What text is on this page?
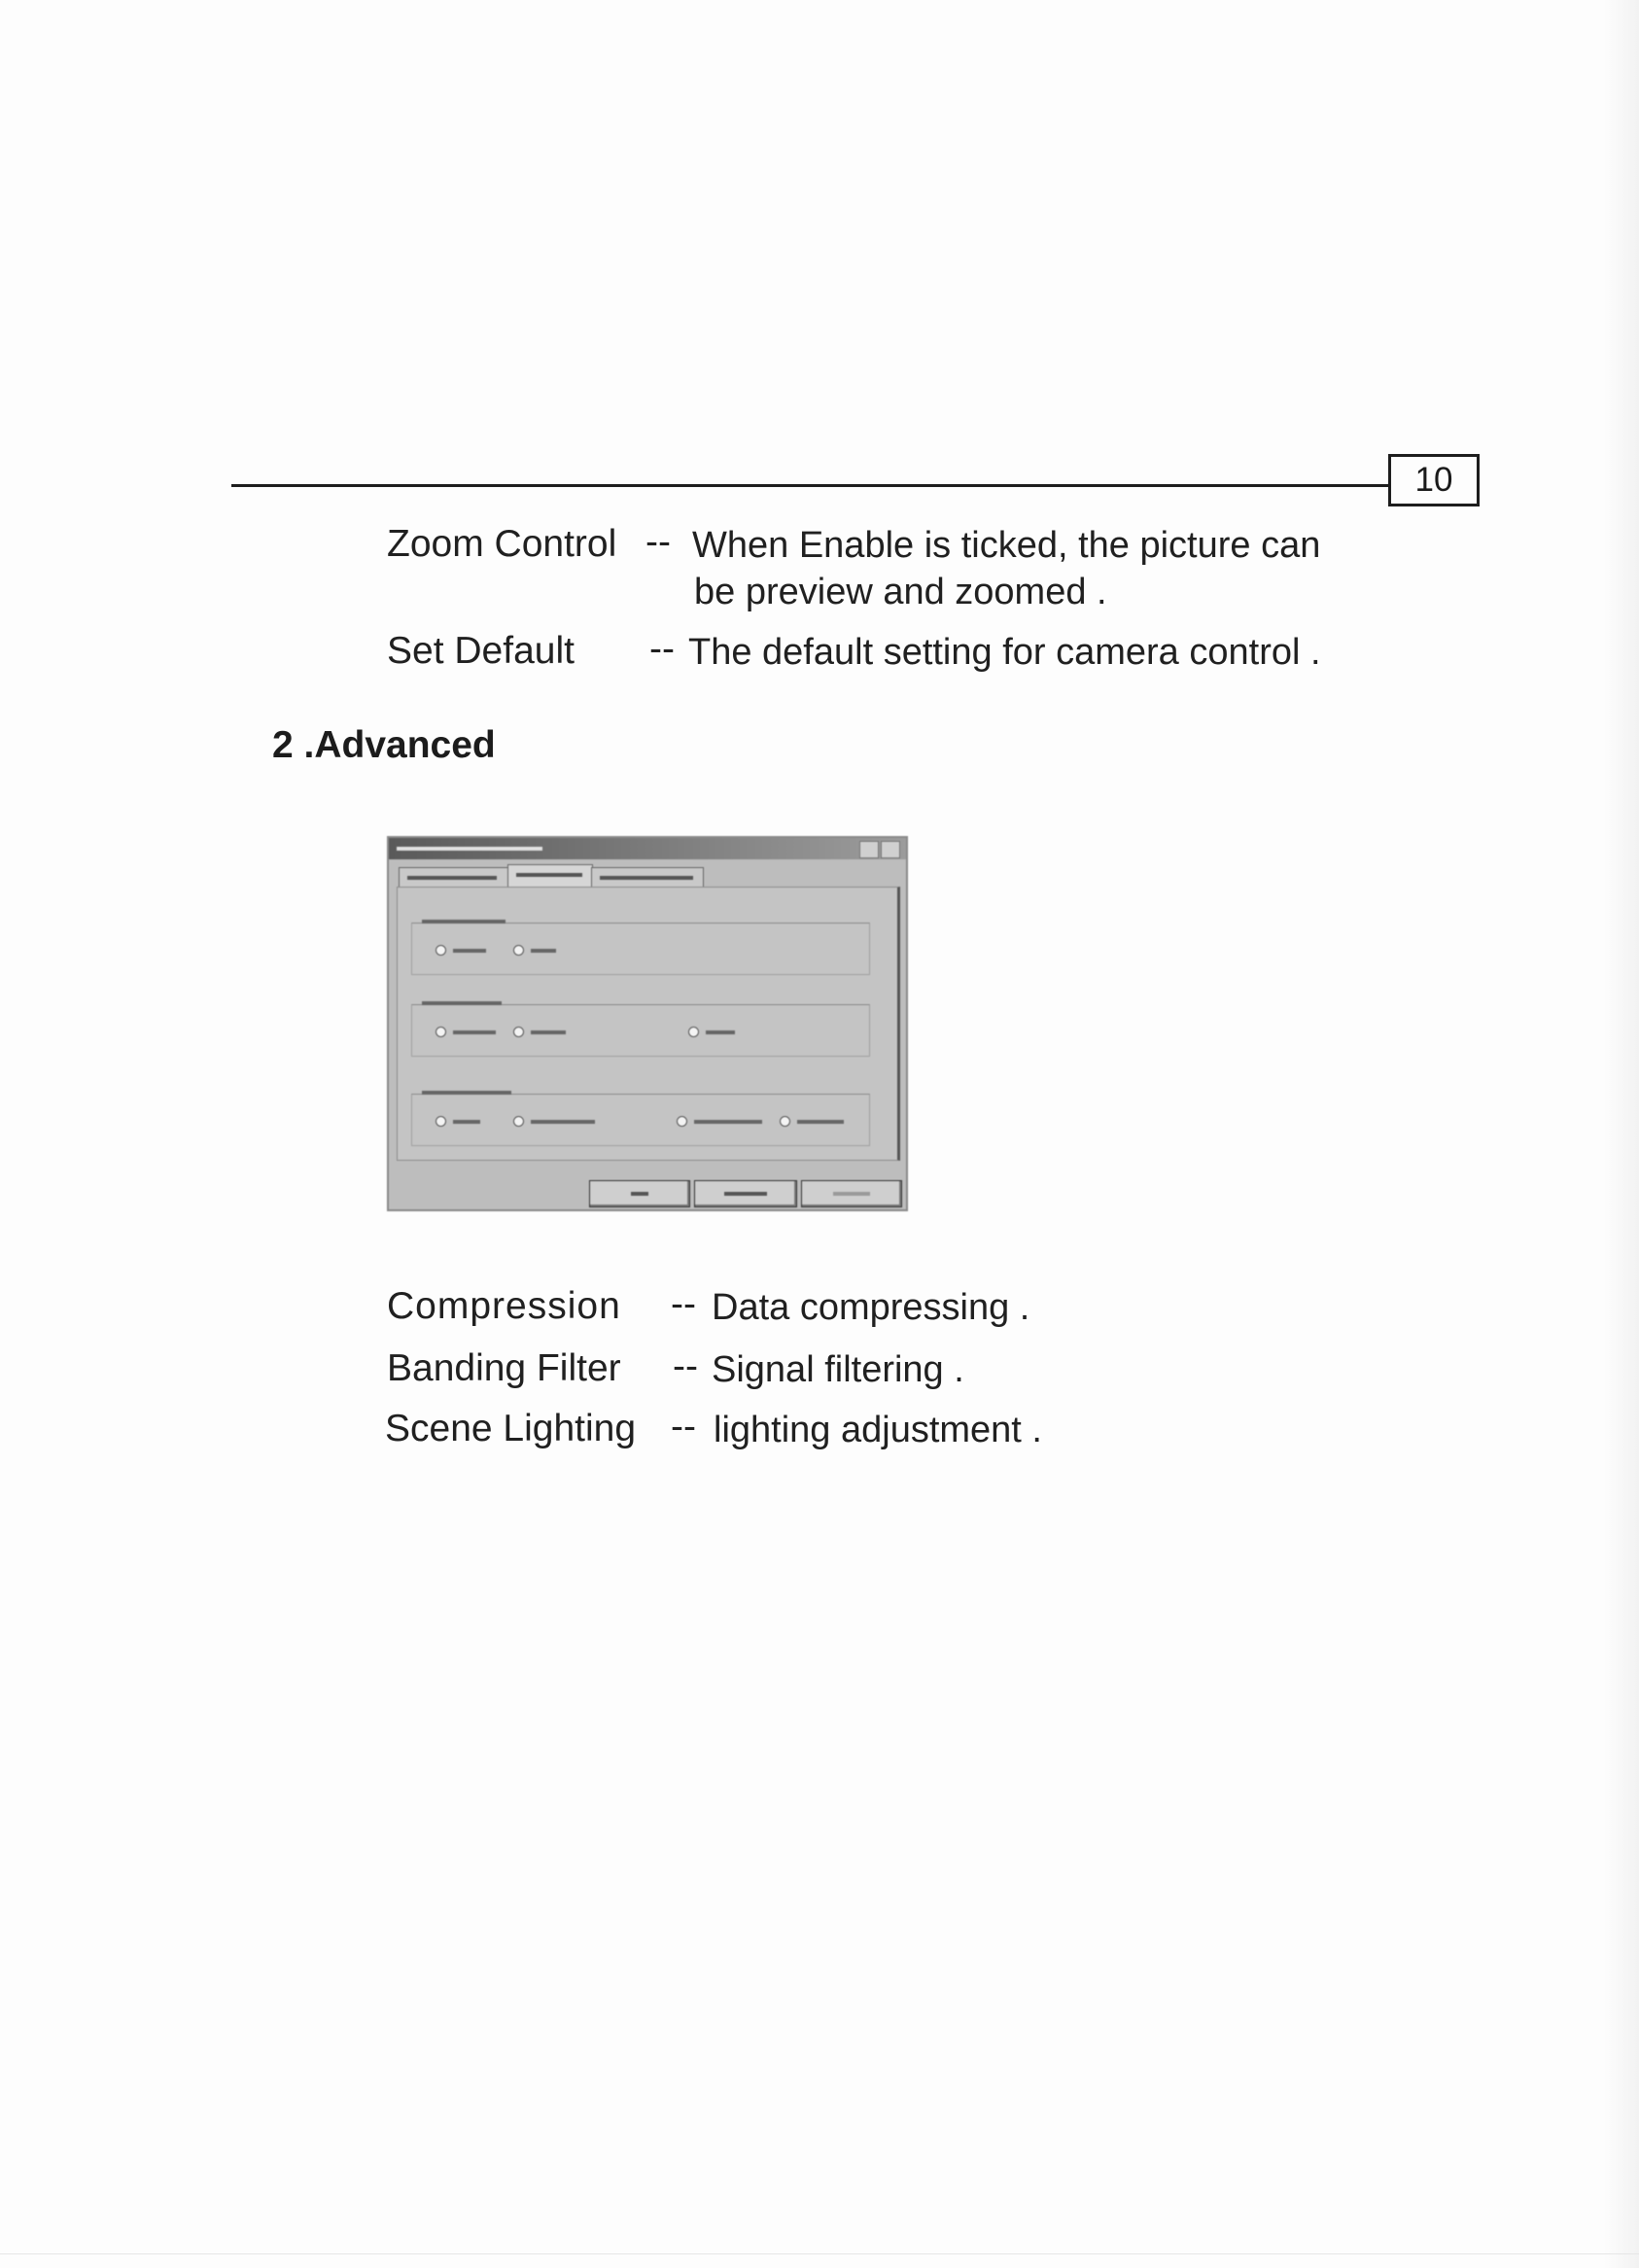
10
Zoom Control -- When Enable is ticked, the picture can
be preview and zoomed .
Set Default -- The default setting for camera control .
2 .Advanced
Compression -- Data compressing .
Banding Filter -- Signal filtering .
Scene Lighting -- lighting adjustment .
